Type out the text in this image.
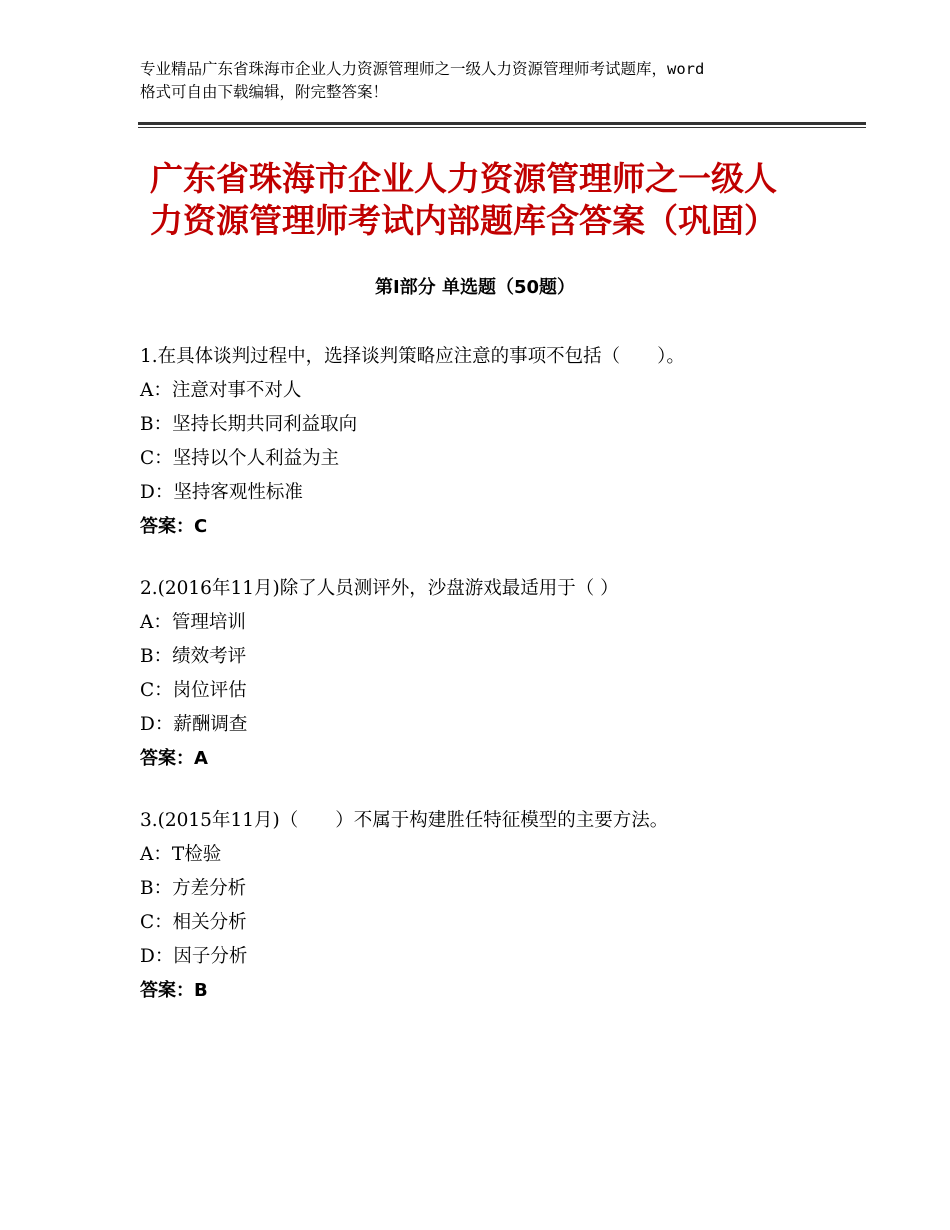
专业精品广东省珠海市企业人力资源管理师之一级人力资源管理师考试题库，word
格式可自由下载编辑，附完整答案！
广东省珠海市企业人力资源管理师之一级人
力资源管理师考试内部题库含答案（巩固）
第Ⅰ部分 单选题（50题）
1.在具体谈判过程中，选择谈判策略应注意的事项不包括（　　）。
A：注意对事不对人
B：坚持长期共同利益取向
C：坚持以个人利益为主
D：坚持客观性标准
答案：C
2.(2016年11月)除了人员测评外，沙盘游戏最适用于（ ）
A：管理培训
B：绩效考评
C：岗位评估
D：薪酬调查
答案：A
3.(2015年11月)（　　）不属于构建胜任特征模型的主要方法。
A：T检验
B：方差分析
C：相关分析
D：因子分析
答案：B
